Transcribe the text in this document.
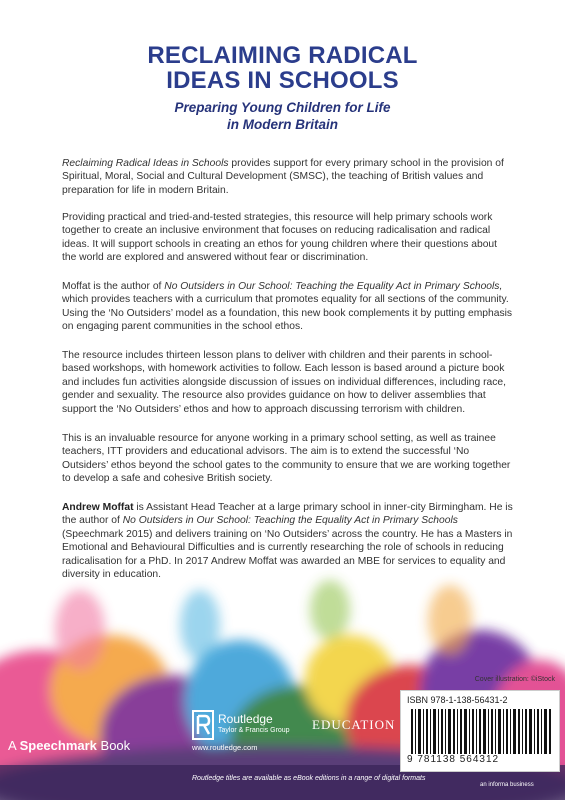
RECLAIMING RADICAL
IDEAS IN SCHOOLS
Preparing Young Children for Life
in Modern Britain

Reclaiming Radical Ideas in Schools provides support for every primary school in the provision of Spiritual, Moral, Social and Cultural Development (SMSC), the teaching of British values and preparation for life in modern Britain.

Providing practical and tried-and-tested strategies, this resource will help primary schools work together to create an inclusive environment that focuses on reducing radicalisation and radical ideas. It will support schools in creating an ethos for young children where their questions about the world are explored and answered without fear or discrimination.

Moffat is the author of No Outsiders in Our School: Teaching the Equality Act in Primary Schools, which provides teachers with a curriculum that promotes equality for all sections of the community. Using the ‘No Outsiders’ model as a foundation, this new book complements it by putting emphasis on engaging parent communities in the school ethos.

The resource includes thirteen lesson plans to deliver with children and their parents in school-based workshops, with homework activities to follow. Each lesson is based around a picture book and includes fun activities alongside discussion of issues on individual differences, including race, gender and sexuality. The resource also provides guidance on how to deliver assemblies that support the ‘No Outsiders’ ethos and how to approach discussing terrorism with children.

This is an invaluable resource for anyone working in a primary school setting, as well as trainee teachers, ITT providers and educational advisors. The aim is to extend the successful ‘No Outsiders’ ethos beyond the school gates to the community to ensure that we are working together to develop a safe and cohesive British society.

Andrew Moffat is Assistant Head Teacher at a large primary school in inner-city Birmingham. He is the author of No Outsiders in Our School: Teaching the Equality Act in Primary Schools (Speechmark 2015) and delivers training on ‘No Outsiders’ across the country. He has a Masters in Emotional and Behavioural Difficulties and is currently researching the role of schools in reducing radicalisation for a PhD. In 2017 Andrew Moffat was awarded an MBE for services to equality and diversity in education.

Cover illustration: ©iStock
ISBN 978-1-138-56431-2
9 781138 564312
Routledge
Taylor & Francis Group
www.routledge.com
EDUCATION
A Speechmark Book
Routledge titles are available as eBook editions in a range of digital formats
an informa business
